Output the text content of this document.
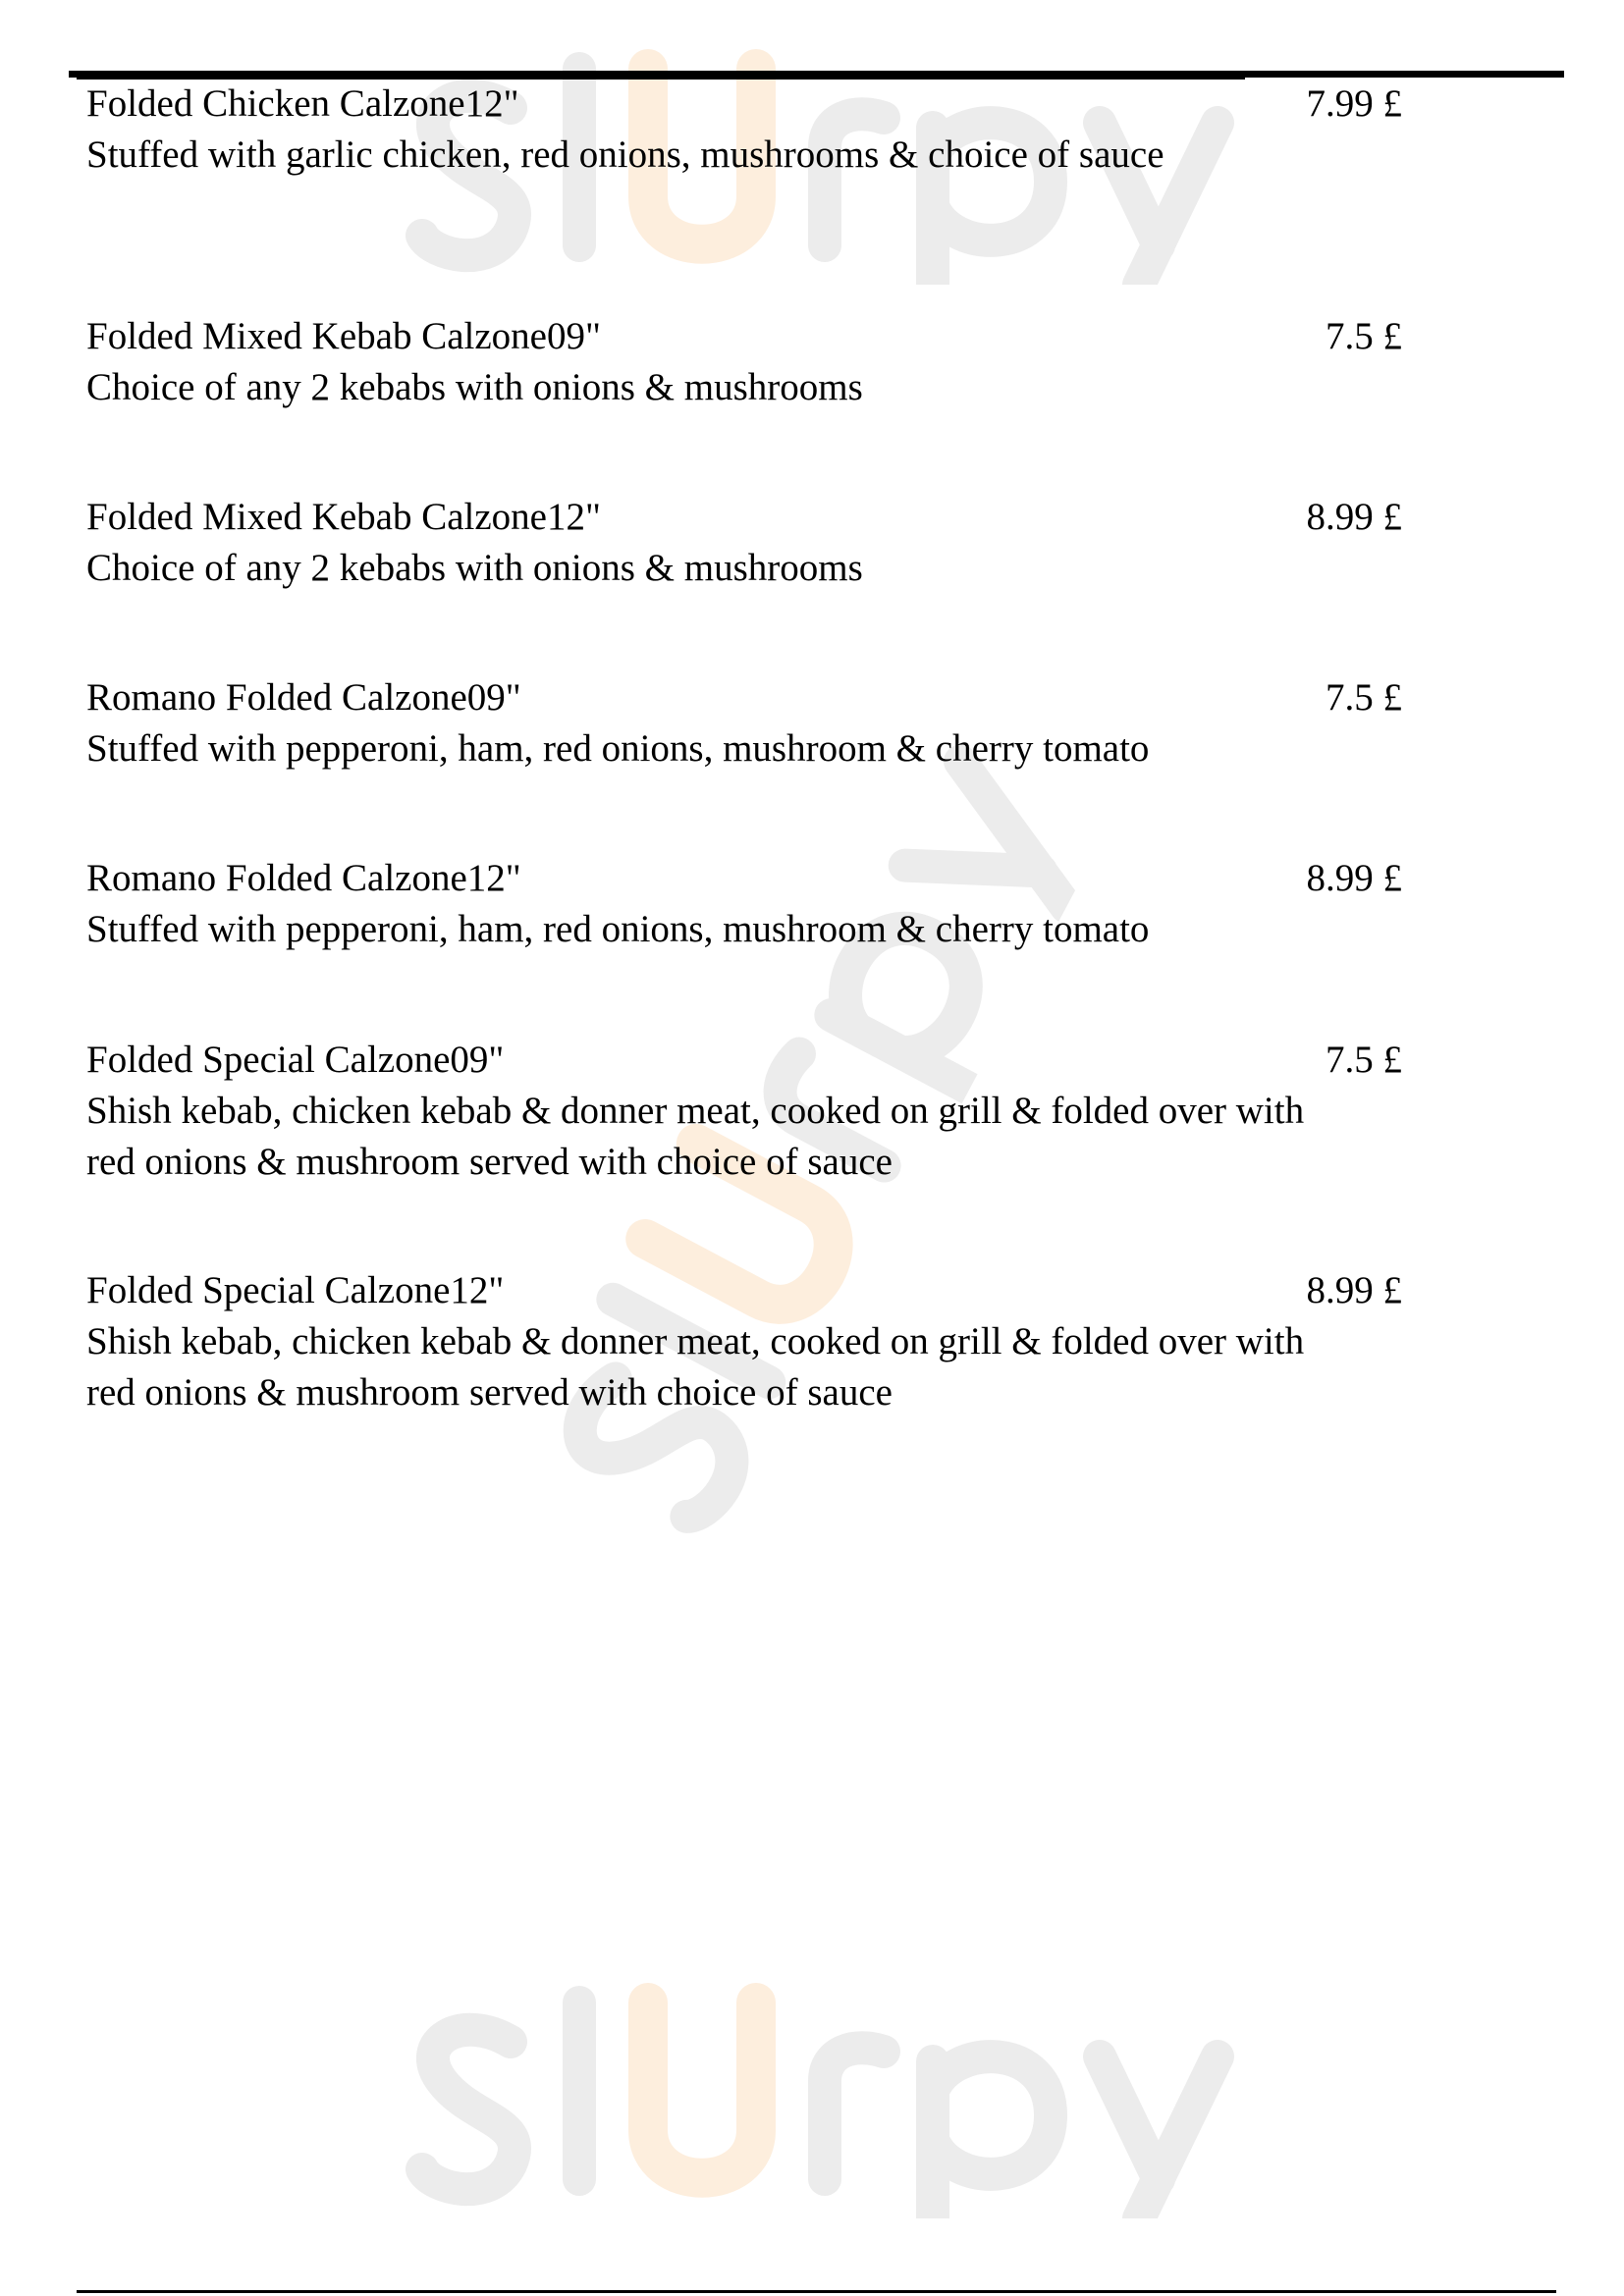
Folded Chicken Calzone12"
Stuffed with garlic chicken, red onions, mushrooms & choice of sauce
7.99 £
Folded Mixed Kebab Calzone09"
Choice of any 2 kebabs with onions & mushrooms
7.5 £
Folded Mixed Kebab Calzone12"
Choice of any 2 kebabs with onions & mushrooms
8.99 £
Romano Folded Calzone09"
Stuffed with pepperoni, ham, red onions, mushroom & cherry tomato
7.5 £
Romano Folded Calzone12"
Stuffed with pepperoni, ham, red onions, mushroom & cherry tomato
8.99 £
Folded Special Calzone09"
Shish kebab, chicken kebab & donner meat, cooked on grill & folded over with red onions & mushroom served with choice of sauce
7.5 £
Folded Special Calzone12"
Shish kebab, chicken kebab & donner meat, cooked on grill & folded over with red onions & mushroom served with choice of sauce
8.99 £
